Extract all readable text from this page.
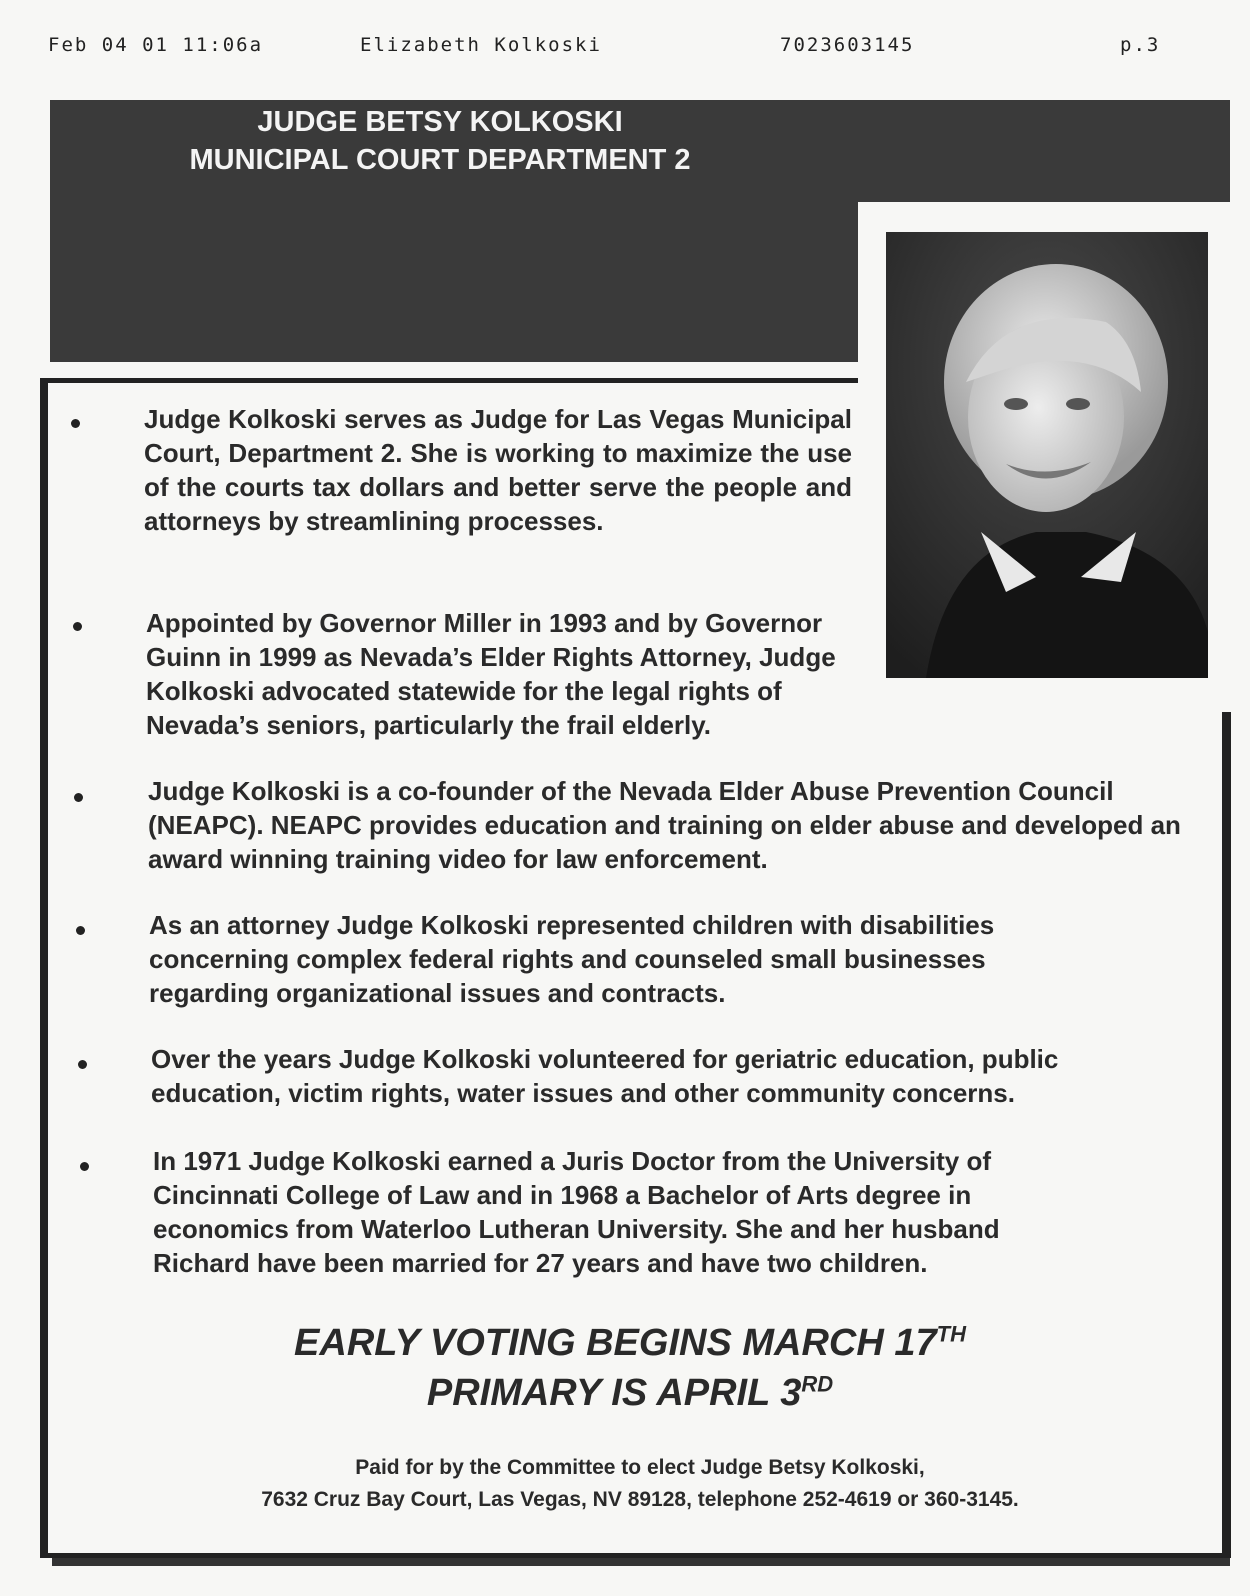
Feb 04 01 11:06a	Elizabeth Kolkoski	7023603145	p.3
JUDGE BETSY KOLKOSKI
MUNICIPAL COURT DEPARTMENT 2
Judge Kolkoski serves as Judge for Las Vegas Municipal Court, Department 2. She is working to maximize the use of the courts tax dollars and better serve the people and attorneys by streamlining processes.
Appointed by Governor Miller in 1993 and by Governor Guinn in 1999 as Nevada’s Elder Rights Attorney, Judge Kolkoski advocated statewide for the legal rights of Nevada’s seniors, particularly the frail elderly.
Judge Kolkoski is a co-founder of the Nevada Elder Abuse Prevention Council (NEAPC). NEAPC provides education and training on elder abuse and developed an award winning training video for law enforcement.
As an attorney Judge Kolkoski represented children with disabilities concerning complex federal rights and counseled small businesses regarding organizational issues and contracts.
Over the years Judge Kolkoski volunteered for geriatric education, public education, victim rights, water issues and other community concerns.
In 1971 Judge Kolkoski earned a Juris Doctor from the University of Cincinnati College of Law and in 1968 a Bachelor of Arts degree in economics from Waterloo Lutheran University. She and her husband Richard have been married for 27 years and have two children.
EARLY VOTING BEGINS MARCH 17TH
PRIMARY IS APRIL 3RD
Paid for by the Committee to elect Judge Betsy Kolkoski,
7632 Cruz Bay Court, Las Vegas, NV 89128, telephone 252-4619 or 360-3145.
